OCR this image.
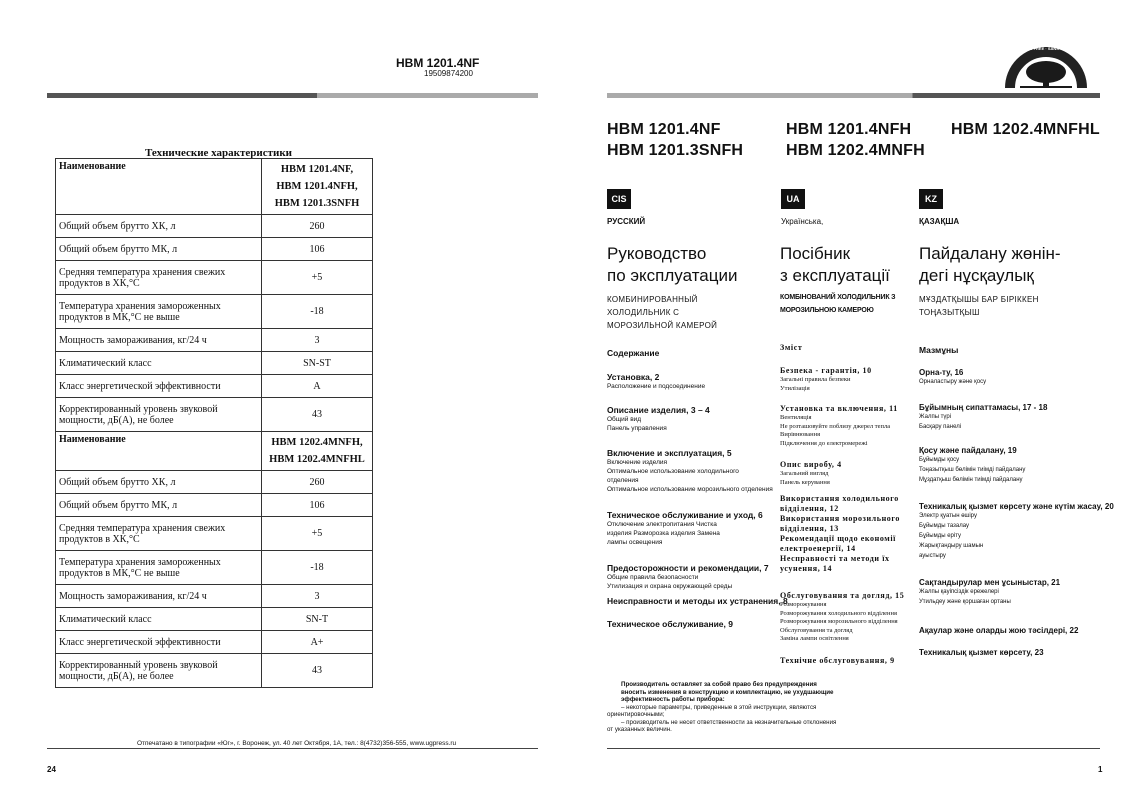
HBM 1201.4NF
19509874200
Технические характеристики
Наименование	HBM 1201.4NF,
HBM 1201.4NFH,
HBM 1201.3SNFH

Общий объем брутто ХК, л	260
Общий объем брутто МК, л	106
Средняя температура хранения свежих продуктов в ХК,°С	+5
Температура хранения замороженных продуктов в МК,°С не выше	-18
Мощность замораживания, кг/24 ч	3
Климатический класс	SN-ST
Класс энергетической эффективности	A
Корректированный уровень звуковой мощности, дБ(А), не более	43
Наименование	HBM 1202.4MNFH,
HBM 1202.4MNFHL

Общий объем брутто ХК, л	260
Общий объем брутто МК, л	106
Средняя температура хранения свежих продуктов в ХК,°С	+5
Температура хранения замороженных продуктов в МК,°С не выше	-18
Мощность замораживания, кг/24 ч	3
Климатический класс	SN-T
Класс энергетической эффективности	A+
Корректированный уровень звуковой мощности, дБ(А), не более	43
Отпечатано в типографии «Юг», г. Воронеж, ул. 40 лет Октября, 1А, тел.: 8(4732)356-555, www.ugpress.ru
24
SENZA CFC · CFC FREE · SANS CFC · FCKW FREI
HBM 1201.4NF
HBM 1201.3SNFH
HBM 1201.4NFH
HBM 1202.4MNFH
HBM 1202.4MNFHL
CIS
РУССКИЙ
Руководство
по эксплуатации
КОМБИНИРОВАННЫЙ
ХОЛОДИЛЬНИК С
МОРОЗИЛЬНОЙ КАМЕРОЙ
Содержание
Установка, 2
Расположение и подсоединение
Описание изделия, 3 – 4
Общий вид
Панель управления
Включение и эксплуатация, 5
Включение изделия
Оптимальное использование холодильного
отделения
Оптимальное использование морозильного отделения
Техническое обслуживание и уход, 6
Отключение электропитания Чистка
изделия Разморозка изделия Замена
лампы освещения
Предосторожности и рекомендации, 7
Общие правила безопасности
Утилизация и охрана окружающей среды
Неисправности и методы их устранения, 8
Техническое обслуживание, 9
UA
Українська,
Посібник
з експлуатації
КОМБІНОВАНИЙ ХОЛОДИЛЬНИК З
МОРОЗИЛЬНОЮ КАМЕРОЮ
Зміст
Безпека - гарантія, 10
Загальні правила безпеки
Утилізація
Установка та включення, 11
Вентиляція
Не розташовуйте поблизу джерел тепла
Вирівнювання
Підключення до електромережі
Опис виробу, 4
Загальний вигляд
Панель керування
Використання холодильного відділення, 12
Використання морозильного відділення, 13
Рекомендації щодо економії електроенергії, 14
Несправності та методи їх усунення, 14
Обслуговування та догляд, 15
Розморожування
Розморожування холодильного відділення
Розморожування морозильного відділення
Обслуговування та догляд
Заміна лампи освітлення
Технічне обслуговування, 9
KZ
ҚАЗАҚША
Пайдалану жөнін-
дегі нұсқаулық
МҰЗДАТҚЫШЫ БАР БІРІККЕН
ТОҢАЗЫТҚЫШ
Мазмұны
Орна-ту, 16
Орналастыру және қосу
Бұйымның сипаттамасы, 17 - 18
Жалпы түрі
Басқару панелі
Қосу және пайдалану, 19
Бұйымды қосу
Тоңазытқыш бөлімін тиімді пайдалану
Мұздатқыш бөлімін тиімді пайдалану
Техникалық қызмет көрсету және күтім жасау, 20
Электр қуатын өшіру
Бұйымды тазалау
Бұйымды еріту
Жарықтандыру шамын
ауыстыру
Сақтандырулар мен ұсыныстар, 21
Жалпы қауіпсіздік ережелері
Утильдеу және қоршаған ортаны
Ақаулар және оларды жою тәсілдері, 22
Техникалық қызмет көрсету, 23
Производитель оставляет за собой право без предупреждения вносить изменения в конструкцию и комплектацию, не ухудшающие эффективность работы прибора:
– некоторые параметры, приведенные в этой инструкции, являются ориентировочными;
– производитель не несет ответственности за незначительные отклонения от указанных величин.
1
